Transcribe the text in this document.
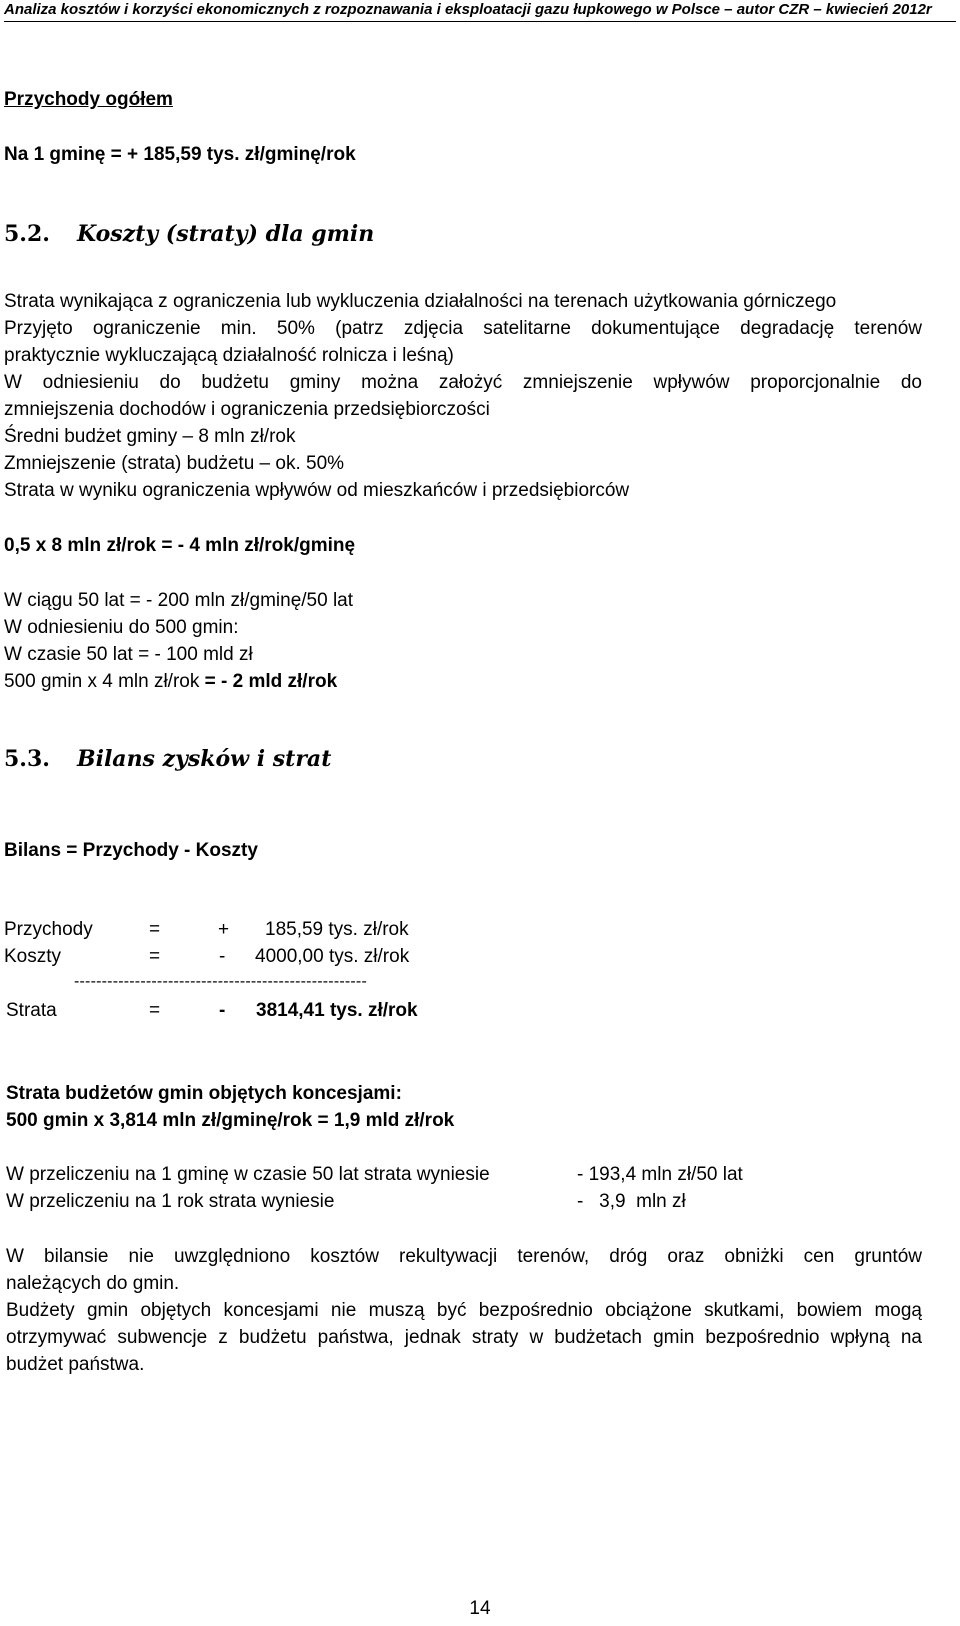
Analiza kosztów i korzyści ekonomicznych z rozpoznawania i eksploatacji gazu łupkowego w Polsce – autor CZR – kwiecień 2012r
Przychody ogółem
Na 1 gminę = + 185,59 tys. zł/gminę/rok
5.2. Koszty (straty) dla gmin
Strata wynikająca z ograniczenia lub wykluczenia działalności na terenach użytkowania górniczego
Przyjęto ograniczenie min. 50% (patrz zdjęcia satelitarne dokumentujące degradację terenów
praktycznie wykluczającą działalność rolnicza i leśną)
W odniesieniu do budżetu gminy można założyć zmniejszenie wpływów proporcjonalnie do
zmniejszenia dochodów i ograniczenia przedsiębiorczości
Średni budżet gminy – 8 mln zł/rok
Zmniejszenie (strata) budżetu – ok. 50%
Strata w wyniku ograniczenia wpływów od mieszkańców i przedsiębiorców
0,5 x 8 mln zł/rok = - 4 mln zł/rok/gminę
W ciągu 50 lat = - 200 mln zł/gminę/50 lat
W odniesieniu do 500 gmin:
W czasie 50 lat = - 100 mld zł
500 gmin x 4 mln zł/rok = - 2 mld zł/rok
5.3. Bilans zysków i strat
Bilans = Przychody - Koszty
Przychody	=	+ 185,59 tys. zł/rok
Koszty	=	- 4000,00 tys. zł/rok
-----------------------------------------------------
Strata	=	- 3814,41 tys. zł/rok
Strata budżetów gmin objętych koncesjami:
500 gmin x 3,814 mln zł/gminę/rok = 1,9 mld zł/rok
W przeliczeniu na 1 gminę w czasie 50 lat strata wyniesie	- 193,4 mln zł/50 lat
W przeliczeniu na 1 rok strata wyniesie	-   3,9  mln zł
W bilansie nie uwzględniono kosztów rekultywacji terenów, dróg oraz obniżki cen gruntów
należących do gmin.
Budżety gmin objętych koncesjami nie muszą być bezpośrednio obciążone skutkami, bowiem mogą
otrzymywać subwencje z budżetu państwa, jednak straty w budżetach gmin bezpośrednio wpłyną na
budżet państwa.
14
